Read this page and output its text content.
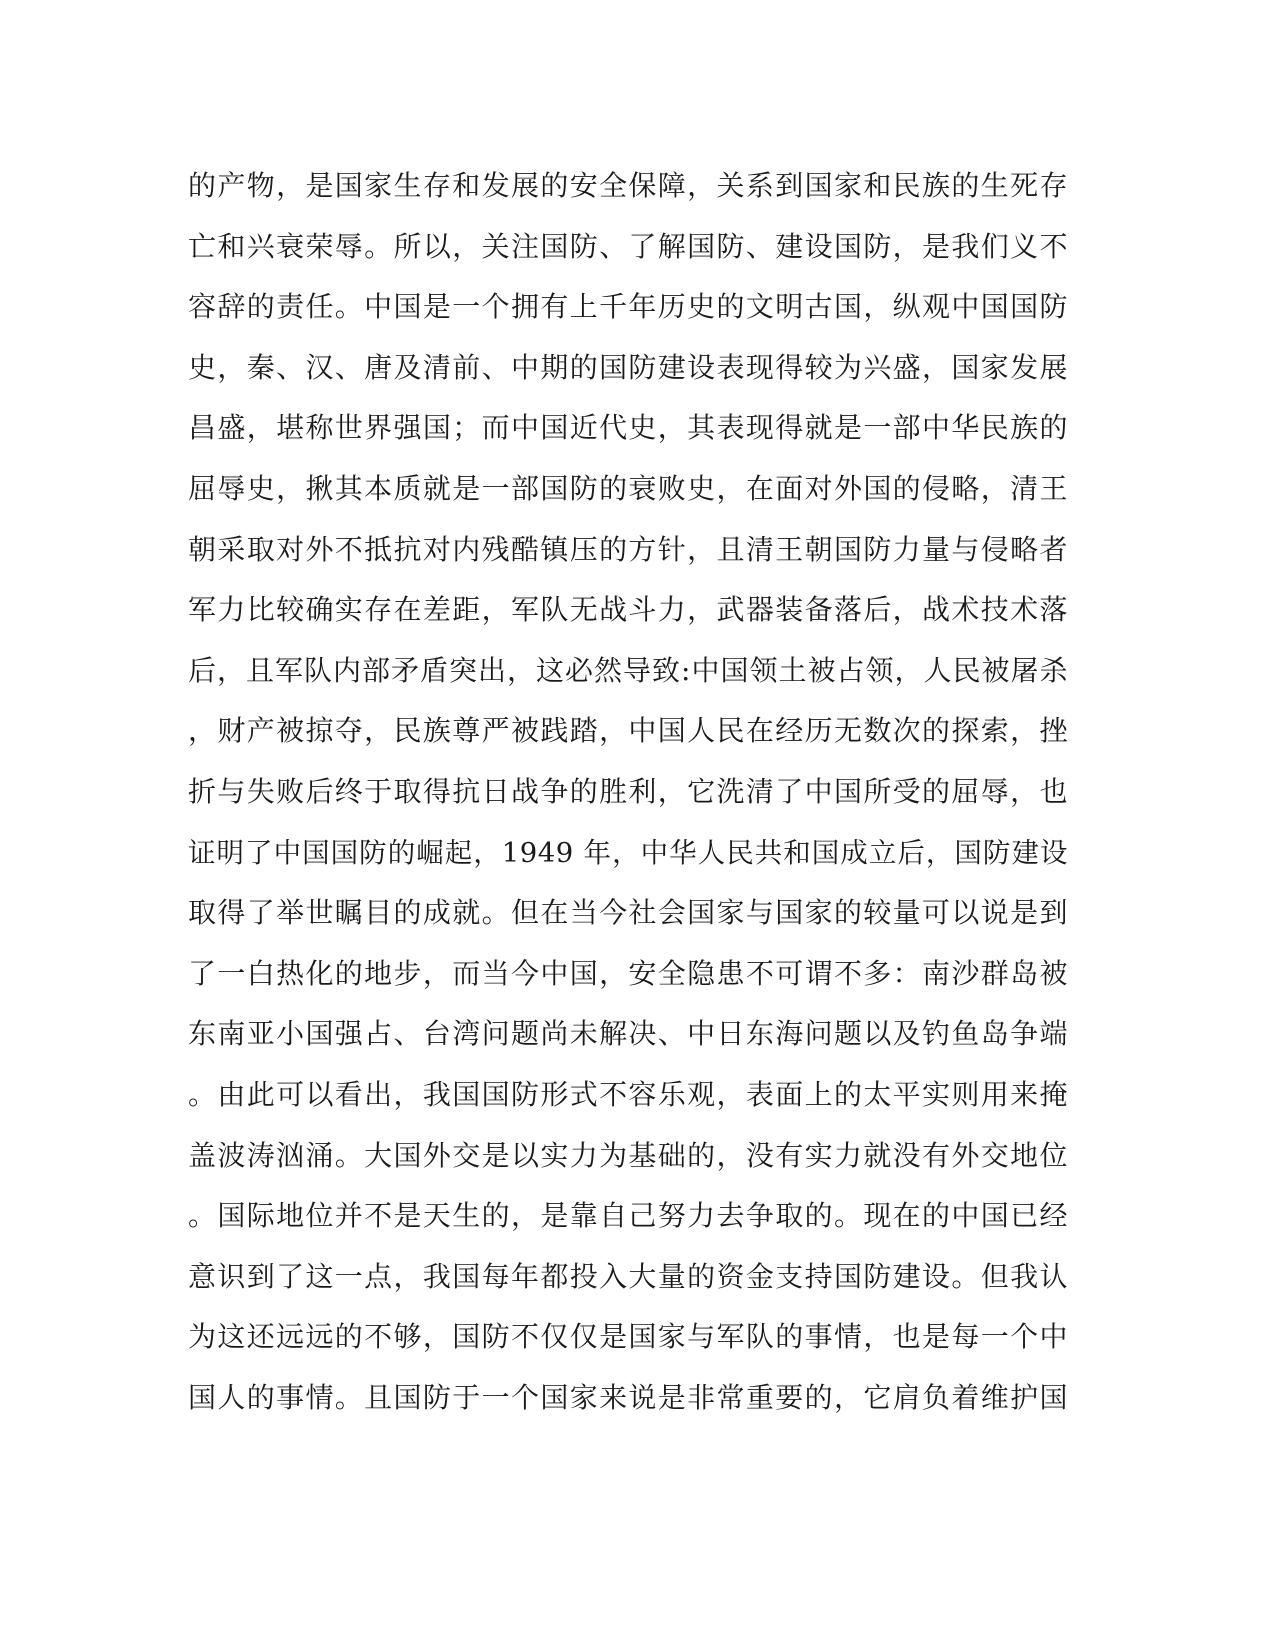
的产物，是国家生存和发展的安全保障，关系到国家和民族的生死存
亡和兴衰荣辱。所以，关注国防、了解国防、建设国防，是我们义不
容辞的责任。中国是一个拥有上千年历史的文明古国，纵观中国国防
史，秦、汉、唐及清前、中期的国防建设表现得较为兴盛，国家发展
昌盛，堪称世界强国；而中国近代史，其表现得就是一部中华民族的
屈辱史，揪其本质就是一部国防的衰败史，在面对外国的侵略，清王
朝采取对外不抵抗对内残酷镇压的方针，且清王朝国防力量与侵略者
军力比较确实存在差距，军队无战斗力，武器装备落后，战术技术落
后，且军队内部矛盾突出，这必然导致:中国领土被占领，人民被屠杀
，财产被掠夺，民族尊严被践踏，中国人民在经历无数次的探索，挫
折与失败后终于取得抗日战争的胜利，它洗清了中国所受的屈辱，也
证明了中国国防的崛起，1949 年，中华人民共和国成立后，国防建设
取得了举世瞩目的成就。但在当今社会国家与国家的较量可以说是到
了一白热化的地步，而当今中国，安全隐患不可谓不多：南沙群岛被
东南亚小国强占、台湾问题尚未解决、中日东海问题以及钓鱼岛争端
。由此可以看出，我国国防形式不容乐观，表面上的太平实则用来掩
盖波涛汹涌。大国外交是以实力为基础的，没有实力就没有外交地位
。国际地位并不是天生的，是靠自己努力去争取的。现在的中国已经
意识到了这一点，我国每年都投入大量的资金支持国防建设。但我认
为这还远远的不够，国防不仅仅是国家与军队的事情，也是每一个中
国人的事情。且国防于一个国家来说是非常重要的，它肩负着维护国
